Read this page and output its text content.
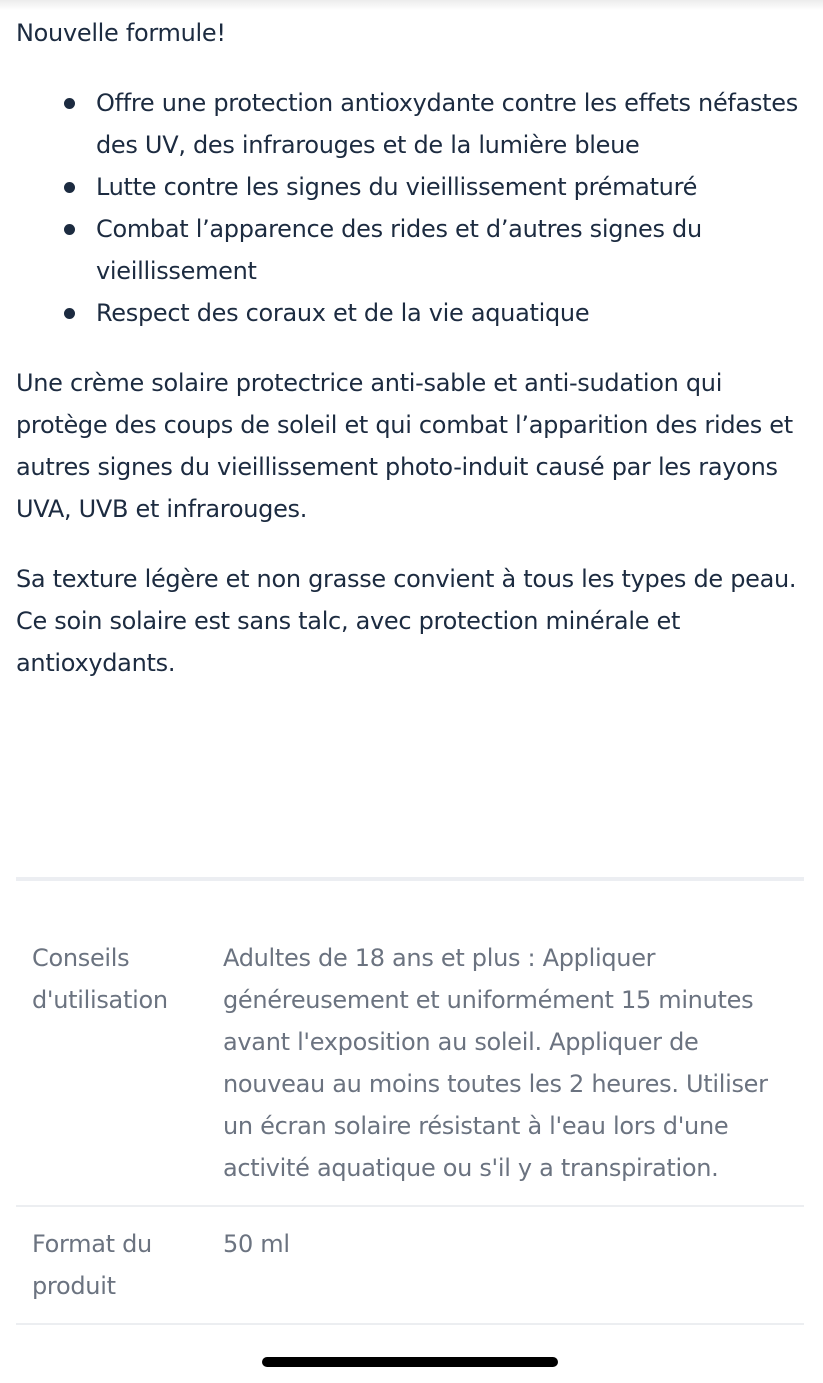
Nouvelle formule!

Offre une protection antioxydante contre les effets néfastes des UV, des infrarouges et de la lumière bleue
Lutte contre les signes du vieillissement prématuré
Combat l’apparence des rides et d’autres signes du vieillissement
Respect des coraux et de la vie aquatique

Une crème solaire protectrice anti-sable et anti-sudation qui protège des coups de soleil et qui combat l’apparition des rides et autres signes du vieillissement photo-induit causé par les rayons UVA, UVB et infrarouges.

Sa texture légère et non grasse convient à tous les types de peau. Ce soin solaire est sans talc, avec protection minérale et antioxydants.

Conseils d'utilisation
Adultes de 18 ans et plus : Appliquer généreusement et uniformément 15 minutes avant l'exposition au soleil. Appliquer de nouveau au moins toutes les 2 heures. Utiliser un écran solaire résistant à l'eau lors d'une activité aquatique ou s'il y a transpiration.
Format du produit
50 ml
